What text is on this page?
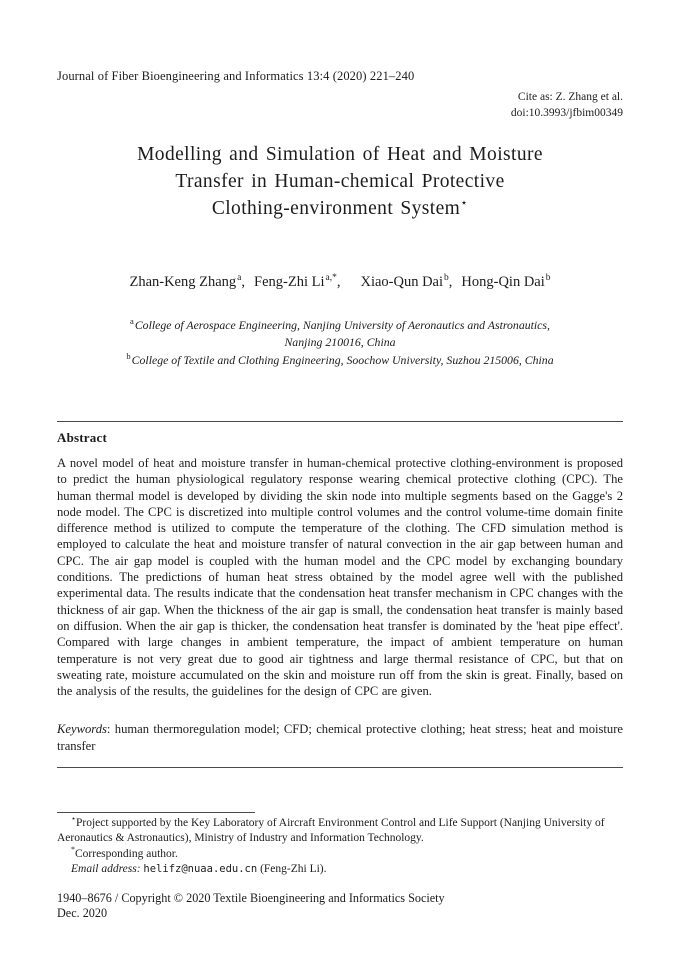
Journal of Fiber Bioengineering and Informatics 13:4 (2020) 221–240
Cite as: Z. Zhang et al.
doi:10.3993/jfbim00349
Modelling and Simulation of Heat and Moisture
Transfer in Human-chemical Protective
Clothing-environment System⋆
Zhan-Keng Zhang$^a$, Feng-Zhi $Li^{a,*}$, Xiao-Qun Dai$^b$, Hong-Qin Dai$^b$
$^a$College of Aerospace Engineering, Nanjing University of Aeronautics and Astronautics,
Nanjing 210016, China
$^b$College of Textile and Clothing Engineering, Soochow University, Suzhou 215006, China
Abstract
A novel model of heat and moisture transfer in human-chemical protective clothing-environment is proposed to predict the human physiological regulatory response wearing chemical protective clothing (CPC). The human thermal model is developed by dividing the skin node into multiple segments based on the Gagge's 2 node model. The CPC is discretized into multiple control volumes and the control volume-time domain finite difference method is utilized to compute the temperature of the clothing. The CFD simulation method is employed to calculate the heat and moisture transfer of natural convection in the air gap between human and CPC. The air gap model is coupled with the human model and the CPC model by exchanging boundary conditions. The predictions of human heat stress obtained by the model agree well with the published experimental data. The results indicate that the condensation heat transfer mechanism in CPC changes with the thickness of air gap. When the thickness of the air gap is small, the condensation heat transfer is mainly based on diffusion. When the air gap is thicker, the condensation heat transfer is dominated by the 'heat pipe effect'. Compared with large changes in ambient temperature, the impact of ambient temperature on human temperature is not very great due to good air tightness and large thermal resistance of CPC, but that on sweating rate, moisture accumulated on the skin and moisture run off from the skin is great. Finally, based on the analysis of the results, the guidelines for the design of CPC are given.

Keywords: human thermoregulation model; CFD; chemical protective clothing; heat stress; heat and moisture transfer

⋆Project supported by the Key Laboratory of Aircraft Environment Control and Life Support (Nanjing University of Aeronautics & Astronautics), Ministry of Industry and Information Technology.

*Corresponding author.

Email address: helifz@nuaa.edu.cn (Feng-Zhi Li).

1940–8676 / Copyright © 2020 Textile Bioengineering and Informatics Society
Dec. 2020
